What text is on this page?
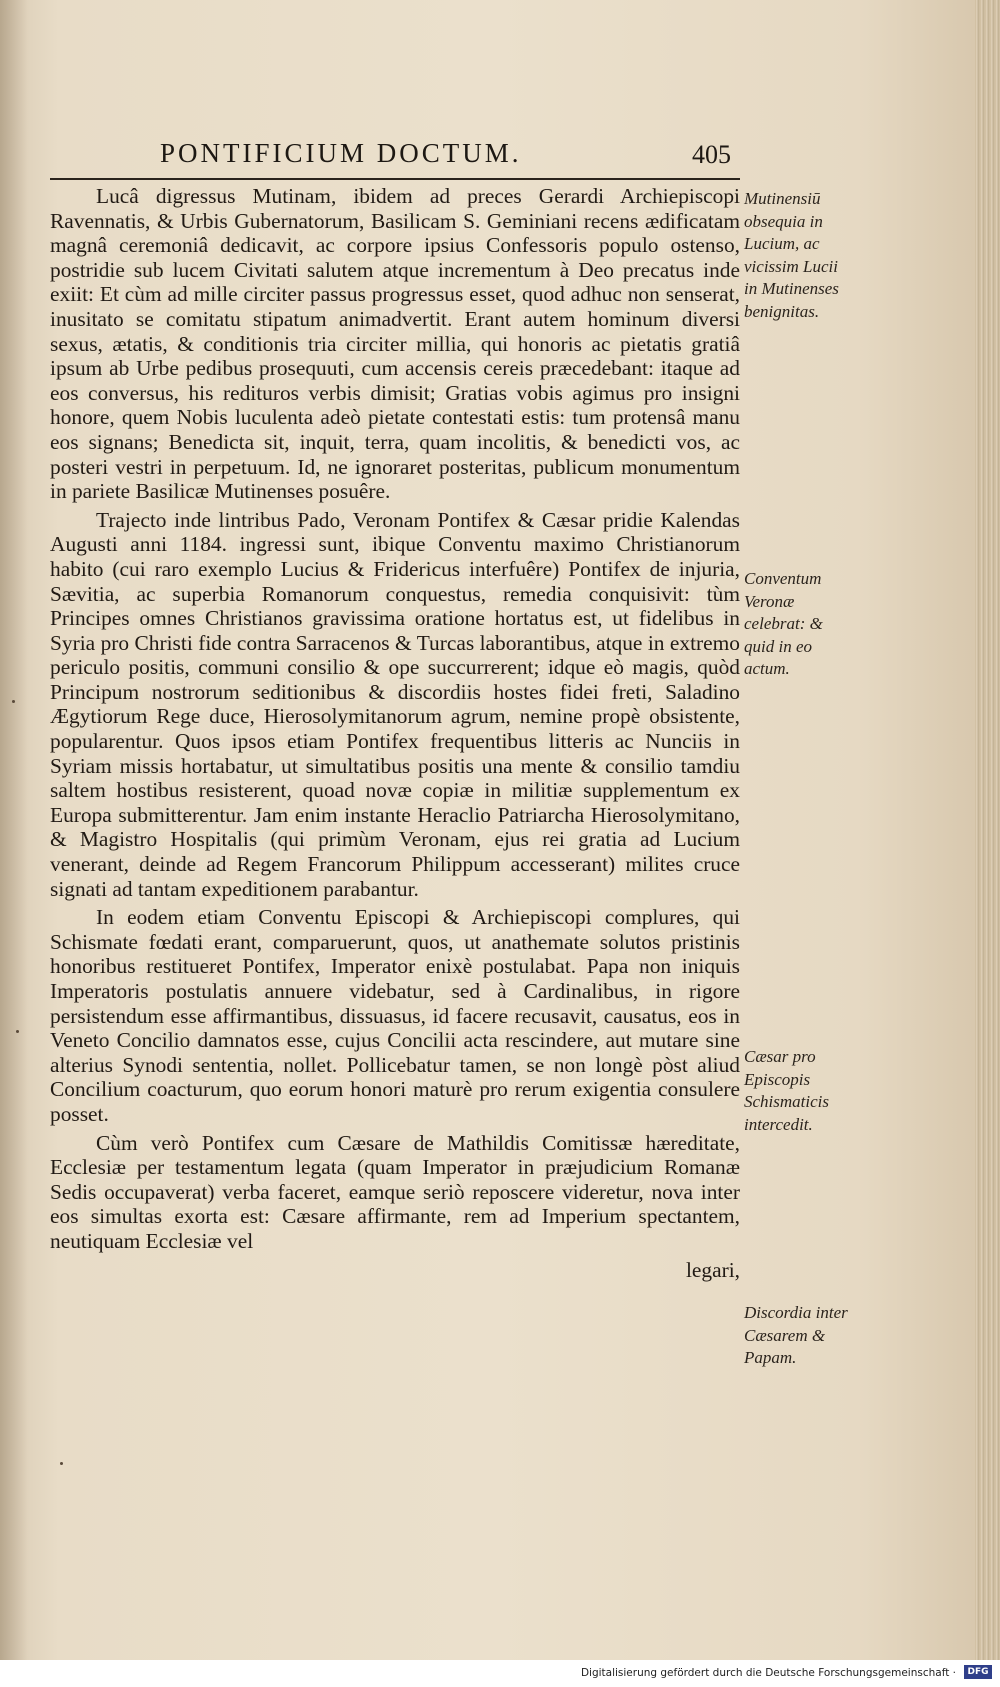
PONTIFICIUM DOCTUM.	405

Lucâ digressus Mutinam, ibidem ad preces Gerardi Archiepiscopi Ravennatis, & Urbis Gubernatorum, Basilicam S. Geminiani recens ædificatam magnâ ceremoniâ dedicavit, ac corpore ipsius Confessoris populo ostenso, postridie sub lucem Civitati salutem atque incrementum à Deo precatus inde exiit: Et cùm ad mille circiter passus progressus esset, quod adhuc non senserat, inusitato se comitatu stipatum animadvertit. Erant autem hominum diversi sexus, ætatis, & conditionis tria circiter millia, qui honoris ac pietatis gratiâ ipsum ab Urbe pedibus prosequuti, cum accensis cereis præcedebant: itaque ad eos conversus, his redituros verbis dimisit; Gratias vobis agimus pro insigni honore, quem Nobis luculenta adeò pietate contestati estis: tum protensâ manu eos signans; Benedicta sit, inquit, terra, quam incolitis, & benedicti vos, ac posteri vestri in perpetuum. Id, ne ignoraret posteritas, publicum monumentum in pariete Basilicæ Mutinenses posuêre.

Trajecto inde lintribus Pado, Veronam Pontifex & Cæsar pridie Kalendas Augusti anni 1184. ingressi sunt, ibique Conventu maximo Christianorum habito (cui raro exemplo Lucius & Fridericus interfuêre) Pontifex de injuria, Sævitia, ac superbia Romanorum conquestus, remedia conquisivit: tùm Principes omnes Christianos gravissima oratione hortatus est, ut fidelibus in Syria pro Christi fide contra Sarracenos & Turcas laborantibus, atque in extremo periculo positis, communi consilio & ope succurrerent; idque eò magis, quòd Principum nostrorum seditionibus & discordiis hostes fidei freti, Saladino Ægytiorum Rege duce, Hierosolymitanorum agrum, nemine propè obsistente, popularentur. Quos ipsos etiam Pontifex frequentibus litteris ac Nunciis in Syriam missis hortabatur, ut simultatibus positis una mente & consilio tamdiu saltem hostibus resisterent, quoad novæ copiæ in militiæ supplementum ex Europa submitterentur. Jam enim instante Heraclio Patriarcha Hierosolymitano, & Magistro Hospitalis (qui primùm Veronam, ejus rei gratia ad Lucium venerant, deinde ad Regem Francorum Philippum accesserant) milites cruce signati ad tantam expeditionem parabantur.

In eodem etiam Conventu Episcopi & Archiepiscopi complures, qui Schismate fœdati erant, comparuerunt, quos, ut anathemate solutos pristinis honoribus restitueret Pontifex, Imperator enixè postulabat. Papa non iniquis Imperatoris postulatis annuere videbatur, sed à Cardinalibus, in rigore persistendum esse affirmantibus, dissuasus, id facere recusavit, causatus, eos in Veneto Concilio damnatos esse, cujus Concilii acta rescindere, aut mutare sine alterius Synodi sententia, nollet. Pollicebatur tamen, se non longè pòst aliud Concilium coacturum, quo eorum honori maturè pro rerum exigentia consulere posset.

Cùm verò Pontifex cum Cæsare de Mathildis Comitissæ hæreditate, Ecclesiæ per testamentum legata (quam Imperator in præjudicium Romanæ Sedis occupaverat) verba faceret, eamque seriò reposcere videretur, nova inter eos simultas exorta est: Cæsare affirmante, rem ad Imperium spectantem, neutiquam Ecclesiæ vel

legari,

Mutinensiū obsequia in Lucium, ac vicissim Lucii in Mutinenses benignitas.
Conventum Veronæ celebrat: & quid in eo actum.
Cæsar pro Episcopis Schismaticis intercedit.
Discordia inter Cæsarem & Papam.
Digitalisierung gefördert durch die Deutsche Forschungsgemeinschaft ·	DFG
